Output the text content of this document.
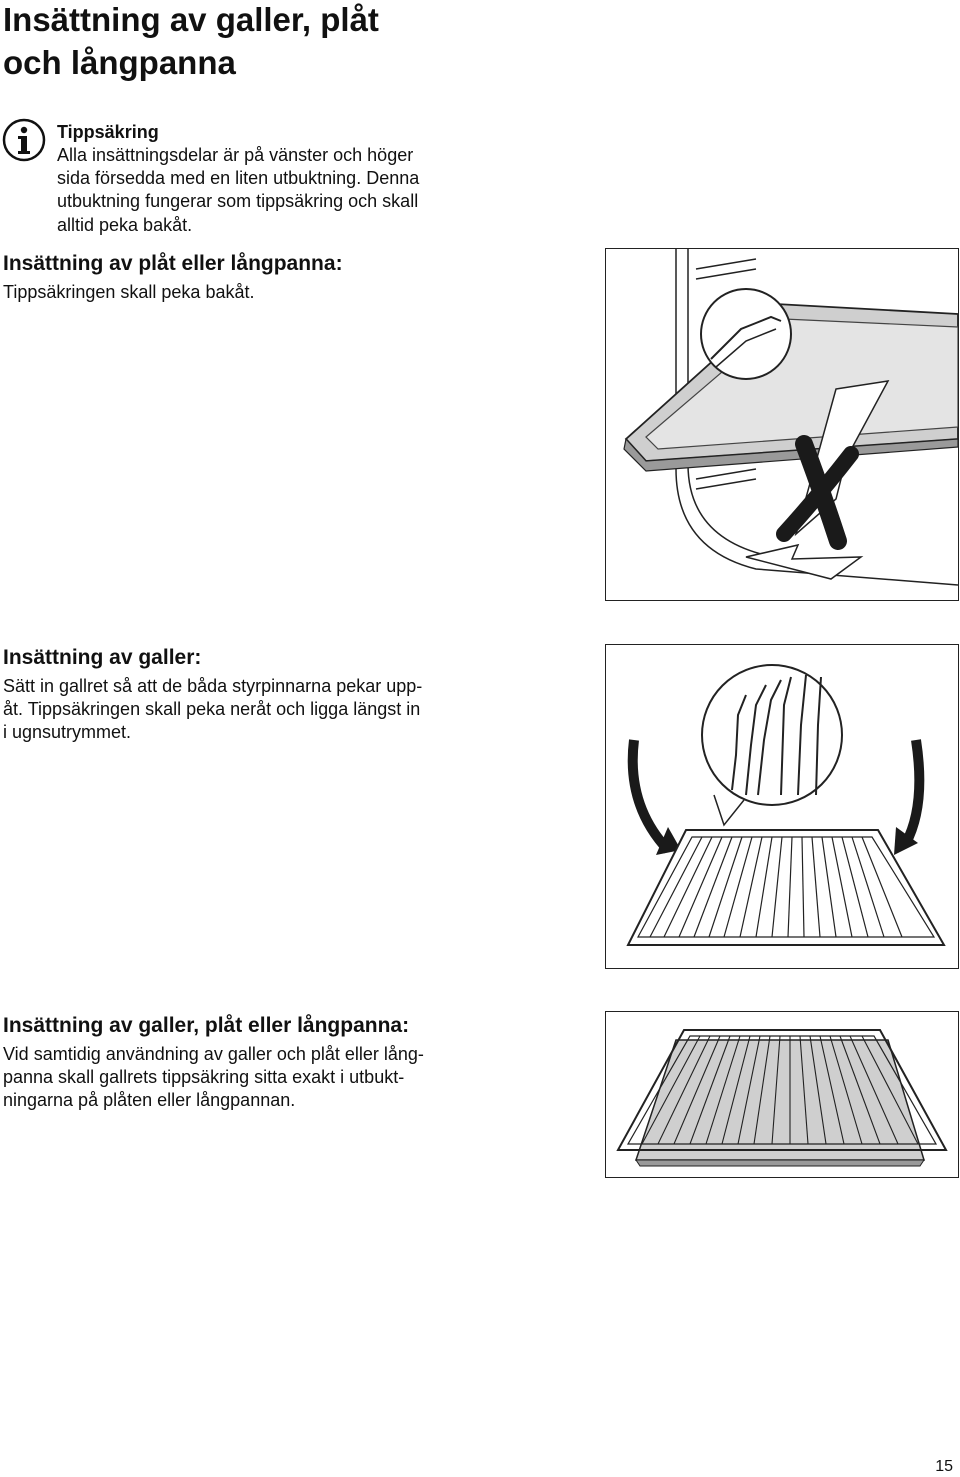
Insättning av galler, plåt
och långpanna
Tippsäkring
Alla insättningsdelar är på vänster och höger
sida försedda med en liten utbuktning. Denna
utbuktning fungerar som tippsäkring och skall
alltid peka bakåt.
Insättning av plåt eller långpanna:
Tippsäkringen skall peka bakåt.
Insättning av galler:
Sätt in gallret så att de båda styrpinnarna pekar upp-
åt. Tippsäkringen skall peka neråt och ligga längst in
i ugnsutrymmet.
Insättning av galler, plåt eller långpanna:
Vid samtidig användning av galler och plåt eller lång-
panna skall gallrets tippsäkring sitta exakt i utbukt-
ningarna på plåten eller långpannan.
15
